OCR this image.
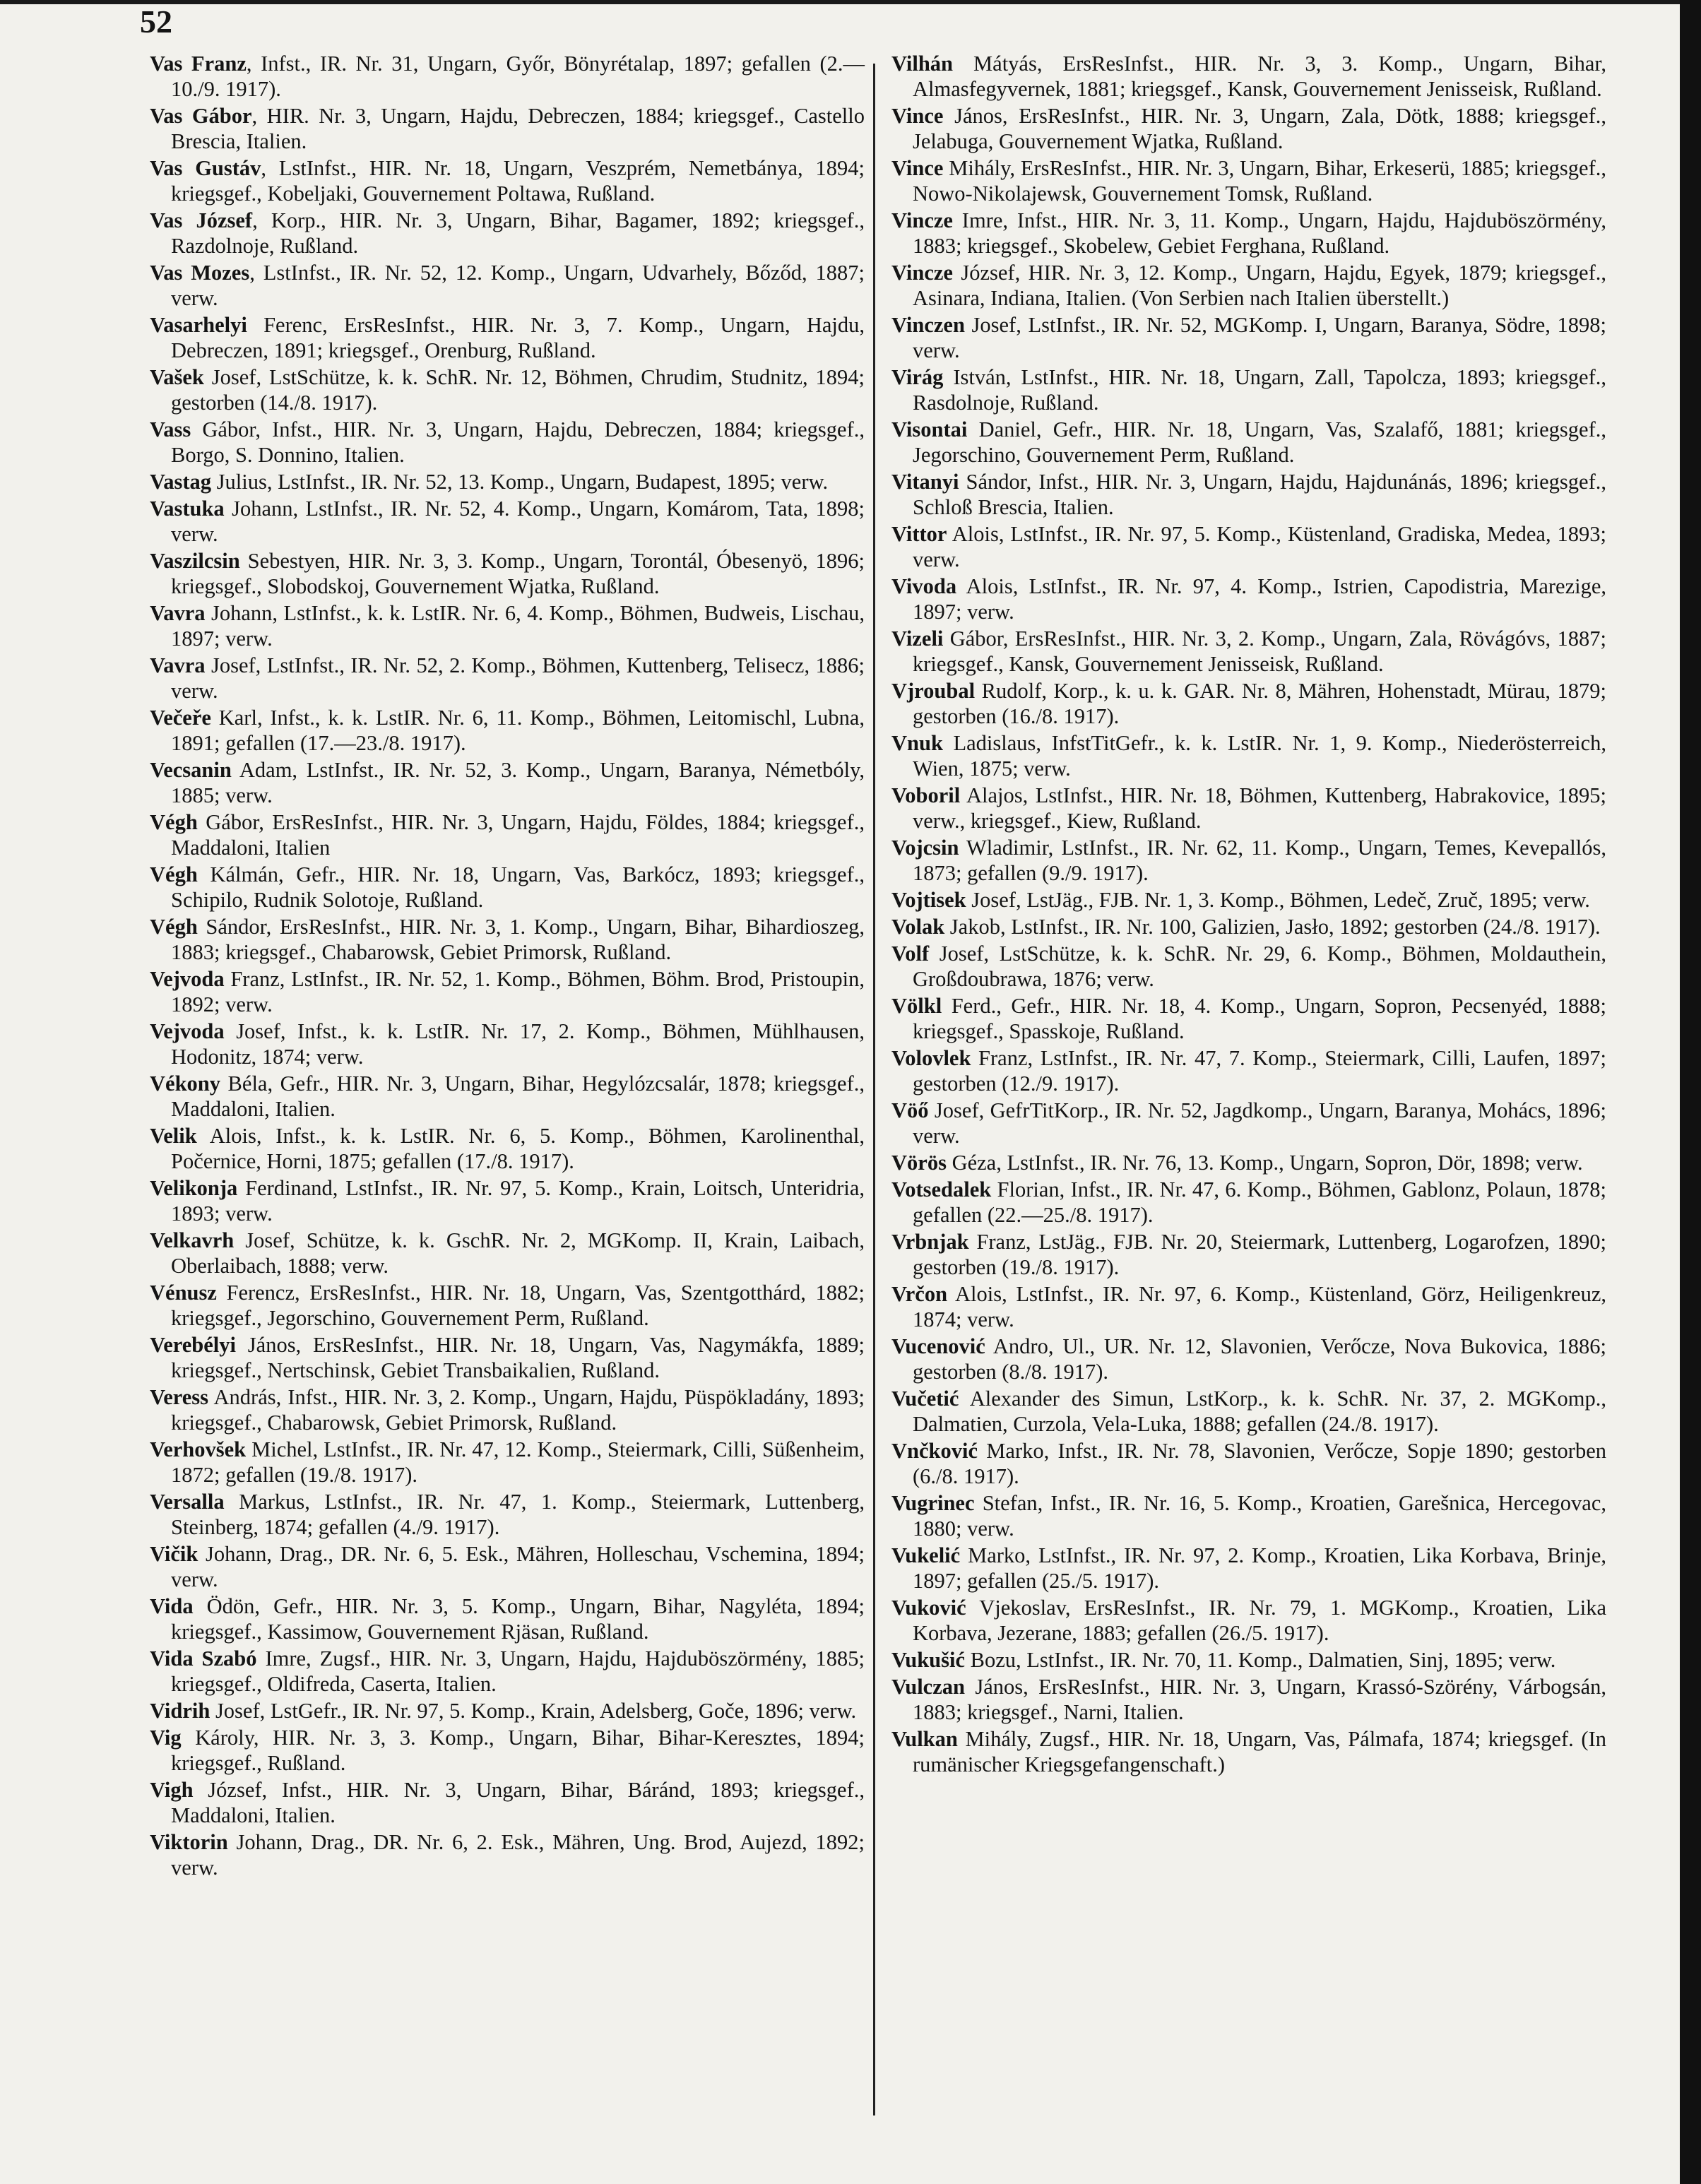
52

Vas Franz, Infst., IR. Nr. 31, Ungarn, Győr, Bönyrétalap, 1897; gefallen (2.—10./9. 1917).

Vas Gábor, HIR. Nr. 3, Ungarn, Hajdu, Debreczen, 1884; kriegsgef., Castello Brescia, Italien.

Vas Gustáv, LstInfst., HIR. Nr. 18, Ungarn, Veszprém, Nemetbánya, 1894; kriegsgef., Kobeljaki, Gouvernement Poltawa, Rußland.

Vas József, Korp., HIR. Nr. 3, Ungarn, Bihar, Bagamer, 1892; kriegsgef., Razdolnoje, Rußland.

Vas Mozes, LstInfst., IR. Nr. 52, 12. Komp., Ungarn, Udvarhely, Bőződ, 1887; verw.

Vasarhelyi Ferenc, ErsResInfst., HIR. Nr. 3, 7. Komp., Ungarn, Hajdu, Debreczen, 1891; kriegsgef., Orenburg, Rußland.

Vašek Josef, LstSchütze, k. k. SchR. Nr. 12, Böhmen, Chrudim, Studnitz, 1894; gestorben (14./8. 1917).

Vass Gábor, Infst., HIR. Nr. 3, Ungarn, Hajdu, Debreczen, 1884; kriegsgef., Borgo, S. Donnino, Italien.

Vastag Julius, LstInfst., IR. Nr. 52, 13. Komp., Ungarn, Budapest, 1895; verw.

Vastuka Johann, LstInfst., IR. Nr. 52, 4. Komp., Ungarn, Komárom, Tata, 1898; verw.

Vaszilcsin Sebestyen, HIR. Nr. 3, 3. Komp., Ungarn, Torontál, Óbesenyö, 1896; kriegsgef., Slobodskoj, Gouvernement Wjatka, Rußland.

Vavra Johann, LstInfst., k. k. LstIR. Nr. 6, 4. Komp., Böhmen, Budweis, Lischau, 1897; verw.

Vavra Josef, LstInfst., IR. Nr. 52, 2. Komp., Böhmen, Kuttenberg, Telisecz, 1886; verw.

Večeře Karl, Infst., k. k. LstIR. Nr. 6, 11. Komp., Böhmen, Leitomischl, Lubna, 1891; gefallen (17.—23./8. 1917).

Vecsanin Adam, LstInfst., IR. Nr. 52, 3. Komp., Ungarn, Baranya, Németbóly, 1885; verw.

Végh Gábor, ErsResInfst., HIR. Nr. 3, Ungarn, Hajdu, Földes, 1884; kriegsgef., Maddaloni, Italien

Végh Kálmán, Gefr., HIR. Nr. 18, Ungarn, Vas, Barkócz, 1893; kriegsgef., Schipilo, Rudnik Solotoje, Rußland.

Végh Sándor, ErsResInfst., HIR. Nr. 3, 1. Komp., Ungarn, Bihar, Bihardioszeg, 1883; kriegsgef., Chabarowsk, Gebiet Primorsk, Rußland.

Vejvoda Franz, LstInfst., IR. Nr. 52, 1. Komp., Böhmen, Böhm. Brod, Pristoupin, 1892; verw.

Vejvoda Josef, Infst., k. k. LstIR. Nr. 17, 2. Komp., Böhmen, Mühlhausen, Hodonitz, 1874; verw.

Vékony Béla, Gefr., HIR. Nr. 3, Ungarn, Bihar, Hegylózcsalár, 1878; kriegsgef., Maddaloni, Italien.

Velik Alois, Infst., k. k. LstIR. Nr. 6, 5. Komp., Böhmen, Karolinenthal, Počernice, Horni, 1875; gefallen (17./8. 1917).

Velikonja Ferdinand, LstInfst., IR. Nr. 97, 5. Komp., Krain, Loitsch, Unteridria, 1893; verw.

Velkavrh Josef, Schütze, k. k. GschR. Nr. 2, MGKomp. II, Krain, Laibach, Oberlaibach, 1888; verw.

Vénusz Ferencz, ErsResInfst., HIR. Nr. 18, Ungarn, Vas, Szentgotthárd, 1882; kriegsgef., Jegorschino, Gouvernement Perm, Rußland.

Verebélyi János, ErsResInfst., HIR. Nr. 18, Ungarn, Vas, Nagymákfa, 1889; kriegsgef., Nertschinsk, Gebiet Transbaikalien, Rußland.

Veress András, Infst., HIR. Nr. 3, 2. Komp., Ungarn, Hajdu, Püspökladány, 1893; kriegsgef., Chabarowsk, Gebiet Primorsk, Rußland.

Verhovšek Michel, LstInfst., IR. Nr. 47, 12. Komp., Steiermark, Cilli, Süßenheim, 1872; gefallen (19./8. 1917).

Versalla Markus, LstInfst., IR. Nr. 47, 1. Komp., Steiermark, Luttenberg, Steinberg, 1874; gefallen (4./9. 1917).

Vičik Johann, Drag., DR. Nr. 6, 5. Esk., Mähren, Holleschau, Vschemina, 1894; verw.

Vida Ödön, Gefr., HIR. Nr. 3, 5. Komp., Ungarn, Bihar, Nagyléta, 1894; kriegsgef., Kassimow, Gouvernement Rjäsan, Rußland.

Vida Szabó Imre, Zugsf., HIR. Nr. 3, Ungarn, Hajdu, Hajduböszörmény, 1885; kriegsgef., Oldifreda, Caserta, Italien.

Vidrih Josef, LstGefr., IR. Nr. 97, 5. Komp., Krain, Adelsberg, Goče, 1896; verw.

Vig Károly, HIR. Nr. 3, 3. Komp., Ungarn, Bihar, Bihar-Keresztes, 1894; kriegsgef., Rußland.

Vigh József, Infst., HIR. Nr. 3, Ungarn, Bihar, Báránd, 1893; kriegsgef., Maddaloni, Italien.

Viktorin Johann, Drag., DR. Nr. 6, 2. Esk., Mähren, Ung. Brod, Aujezd, 1892; verw.

Vilhán Mátyás, ErsResInfst., HIR. Nr. 3, 3. Komp., Ungarn, Bihar, Almasfegyvernek, 1881; kriegsgef., Kansk, Gouvernement Jenisseisk, Rußland.

Vince János, ErsResInfst., HIR. Nr. 3, Ungarn, Zala, Dötk, 1888; kriegsgef., Jelabuga, Gouvernement Wjatka, Rußland.

Vince Mihály, ErsResInfst., HIR. Nr. 3, Ungarn, Bihar, Erkeserü, 1885; kriegsgef., Nowo-Nikolajewsk, Gouvernement Tomsk, Rußland.

Vincze Imre, Infst., HIR. Nr. 3, 11. Komp., Ungarn, Hajdu, Hajduböszörmény, 1883; kriegsgef., Skobelew, Gebiet Ferghana, Rußland.

Vincze József, HIR. Nr. 3, 12. Komp., Ungarn, Hajdu, Egyek, 1879; kriegsgef., Asinara, Indiana, Italien. (Von Serbien nach Italien überstellt.)

Vinczen Josef, LstInfst., IR. Nr. 52, MGKomp. I, Ungarn, Baranya, Södre, 1898; verw.

Virág István, LstInfst., HIR. Nr. 18, Ungarn, Zall, Tapolcza, 1893; kriegsgef., Rasdolnoje, Rußland.

Visontai Daniel, Gefr., HIR. Nr. 18, Ungarn, Vas, Szalafő, 1881; kriegsgef., Jegorschino, Gouvernement Perm, Rußland.

Vitanyi Sándor, Infst., HIR. Nr. 3, Ungarn, Hajdu, Hajdunánás, 1896; kriegsgef., Schloß Brescia, Italien.

Vittor Alois, LstInfst., IR. Nr. 97, 5. Komp., Küstenland, Gradiska, Medea, 1893; verw.

Vivoda Alois, LstInfst., IR. Nr. 97, 4. Komp., Istrien, Capodistria, Marezige, 1897; verw.

Vizeli Gábor, ErsResInfst., HIR. Nr. 3, 2. Komp., Ungarn, Zala, Rövágóvs, 1887; kriegsgef., Kansk, Gouvernement Jenisseisk, Rußland.

Vjroubal Rudolf, Korp., k. u. k. GAR. Nr. 8, Mähren, Hohenstadt, Mürau, 1879; gestorben (16./8. 1917).

Vnuk Ladislaus, InfstTitGefr., k. k. LstIR. Nr. 1, 9. Komp., Niederösterreich, Wien, 1875; verw.

Voboril Alajos, LstInfst., HIR. Nr. 18, Böhmen, Kuttenberg, Habrakovice, 1895; verw., kriegsgef., Kiew, Rußland.

Vojcsin Wladimir, LstInfst., IR. Nr. 62, 11. Komp., Ungarn, Temes, Kevepallós, 1873; gefallen (9./9. 1917).

Vojtisek Josef, LstJäg., FJB. Nr. 1, 3. Komp., Böhmen, Ledeč, Zruč, 1895; verw.

Volak Jakob, LstInfst., IR. Nr. 100, Galizien, Jasło, 1892; gestorben (24./8. 1917).

Volf Josef, LstSchütze, k. k. SchR. Nr. 29, 6. Komp., Böhmen, Moldauthein, Großdoubrawa, 1876; verw.

Völkl Ferd., Gefr., HIR. Nr. 18, 4. Komp., Ungarn, Sopron, Pecsenyéd, 1888; kriegsgef., Spasskoje, Rußland.

Volovlek Franz, LstInfst., IR. Nr. 47, 7. Komp., Steiermark, Cilli, Laufen, 1897; gestorben (12./9. 1917).

Vöő Josef, GefrTitKorp., IR. Nr. 52, Jagdkomp., Ungarn, Baranya, Mohács, 1896; verw.

Vörös Géza, LstInfst., IR. Nr. 76, 13. Komp., Ungarn, Sopron, Dör, 1898; verw.

Votsedalek Florian, Infst., IR. Nr. 47, 6. Komp., Böhmen, Gablonz, Polaun, 1878; gefallen (22.—25./8. 1917).

Vrbnjak Franz, LstJäg., FJB. Nr. 20, Steiermark, Luttenberg, Logarofzen, 1890; gestorben (19./8. 1917).

Vrčon Alois, LstInfst., IR. Nr. 97, 6. Komp., Küstenland, Görz, Heiligenkreuz, 1874; verw.

Vucenović Andro, Ul., UR. Nr. 12, Slavonien, Verőcze, Nova Bukovica, 1886; gestorben (8./8. 1917).

Vučetić Alexander des Simun, LstKorp., k. k. SchR. Nr. 37, 2. MGKomp., Dalmatien, Curzola, Vela-Luka, 1888; gefallen (24./8. 1917).

Vnčković Marko, Infst., IR. Nr. 78, Slavonien, Verőcze, Sopje 1890; gestorben (6./8. 1917).

Vugrinec Stefan, Infst., IR. Nr. 16, 5. Komp., Kroatien, Garešnica, Hercegovac, 1880; verw.

Vukelić Marko, LstInfst., IR. Nr. 97, 2. Komp., Kroatien, Lika Korbava, Brinje, 1897; gefallen (25./5. 1917).

Vuković Vjekoslav, ErsResInfst., IR. Nr. 79, 1. MGKomp., Kroatien, Lika Korbava, Jezerane, 1883; gefallen (26./5. 1917).

Vukušić Bozu, LstInfst., IR. Nr. 70, 11. Komp., Dalmatien, Sinj, 1895; verw.

Vulczan János, ErsResInfst., HIR. Nr. 3, Ungarn, Krassó-Szörény, Várbogsán, 1883; kriegsgef., Narni, Italien.

Vulkan Mihály, Zugsf., HIR. Nr. 18, Ungarn, Vas, Pálmafa, 1874; kriegsgef. (In rumänischer Kriegsgefangenschaft.)
